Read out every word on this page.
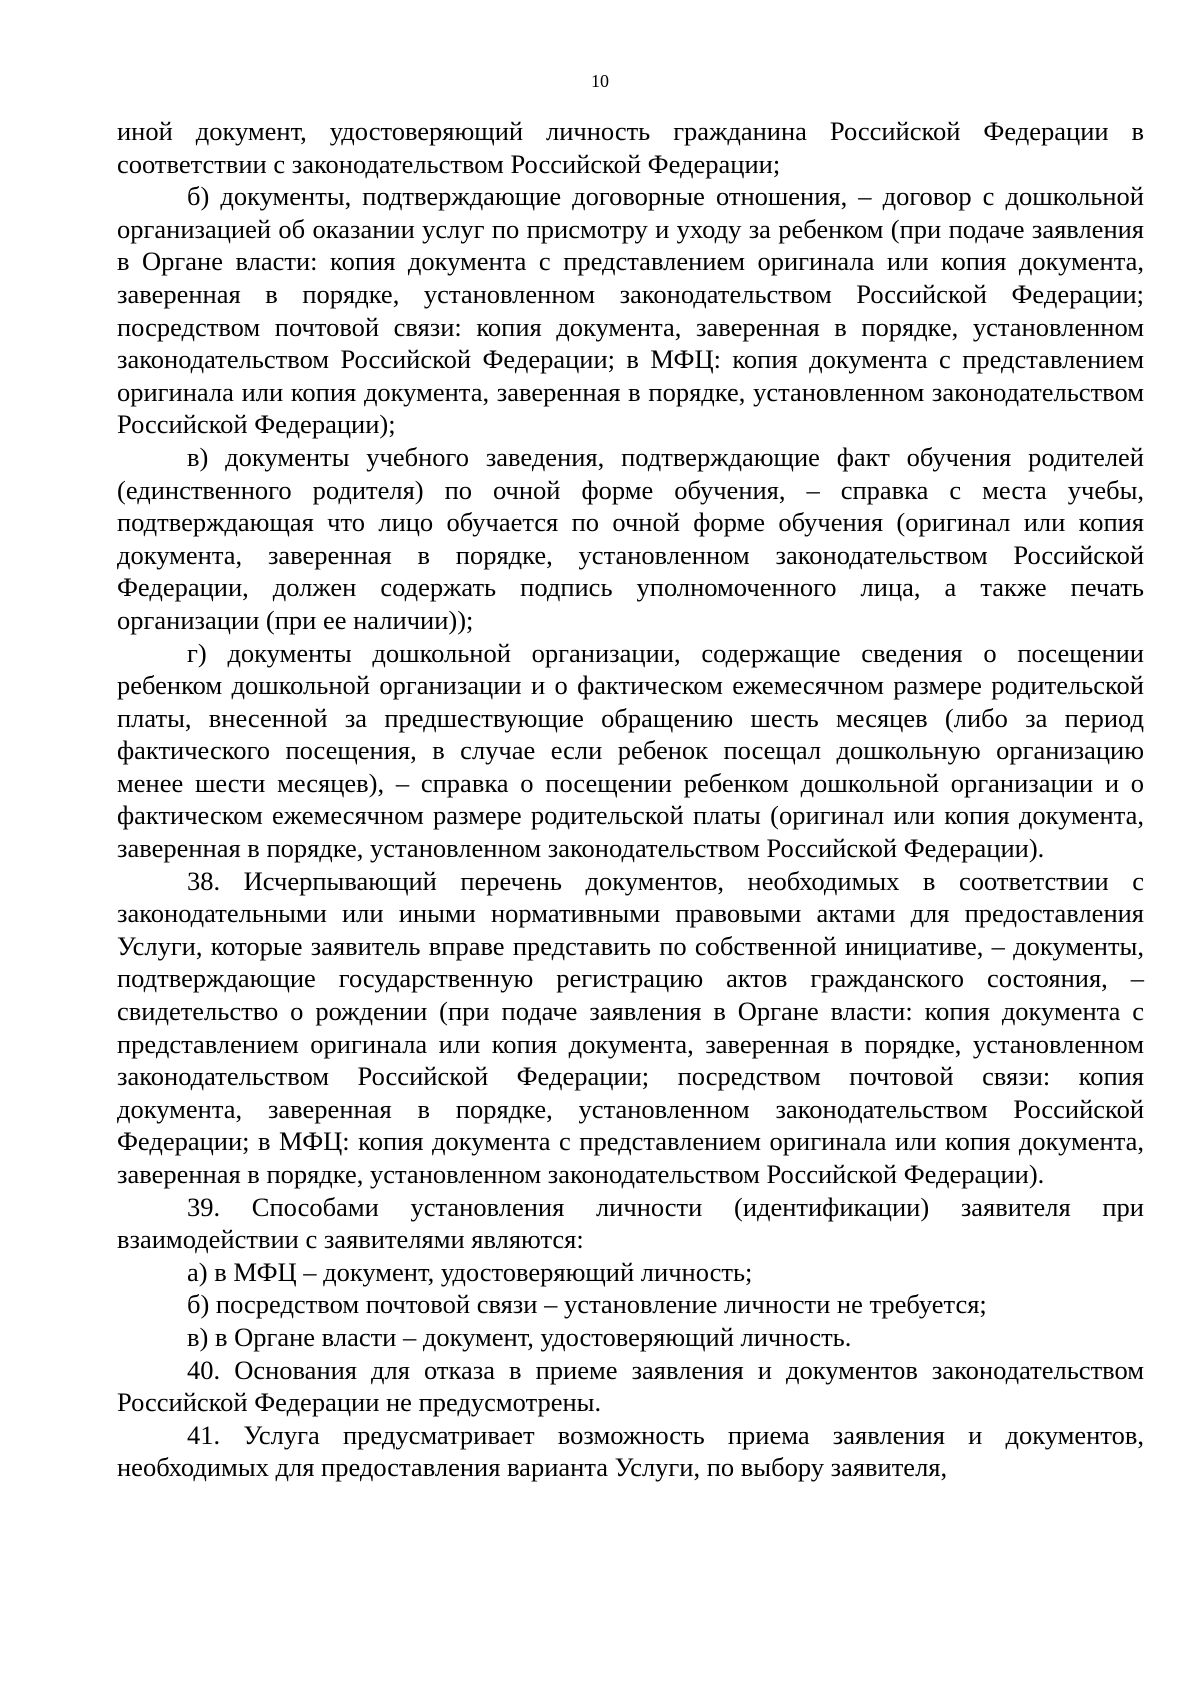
10

иной документ, удостоверяющий личность гражданина Российской Федерации в соответствии с законодательством Российской Федерации;

б) документы, подтверждающие договорные отношения, – договор с дошкольной организацией об оказании услуг по присмотру и уходу за ребенком (при подаче заявления в Органе власти: копия документа с представлением оригинала или копия документа, заверенная в порядке, установленном законодательством Российской Федерации; посредством почтовой связи: копия документа, заверенная в порядке, установленном законодательством Российской Федерации; в МФЦ: копия документа с представлением оригинала или копия документа, заверенная в порядке, установленном законодательством Российской Федерации);

в) документы учебного заведения, подтверждающие факт обучения родителей (единственного родителя) по очной форме обучения, – справка с места учебы, подтверждающая что лицо обучается по очной форме обучения (оригинал или копия документа, заверенная в порядке, установленном законодательством Российской Федерации, должен содержать подпись уполномоченного лица, а также печать организации (при ее наличии));

г) документы дошкольной организации, содержащие сведения о посещении ребенком дошкольной организации и о фактическом ежемесячном размере родительской платы, внесенной за предшествующие обращению шесть месяцев (либо за период фактического посещения, в случае если ребенок посещал дошкольную организацию менее шести месяцев), – справка о посещении ребенком дошкольной организации и о фактическом ежемесячном размере родительской платы (оригинал или копия документа, заверенная в порядке, установленном законодательством Российской Федерации).

38. Исчерпывающий перечень документов, необходимых в соответствии с законодательными или иными нормативными правовыми актами для предоставления Услуги, которые заявитель вправе представить по собственной инициативе, – документы, подтверждающие государственную регистрацию актов гражданского состояния, – свидетельство о рождении (при подаче заявления в Органе власти: копия документа с представлением оригинала или копия документа, заверенная в порядке, установленном законодательством Российской Федерации; посредством почтовой связи: копия документа, заверенная в порядке, установленном законодательством Российской Федерации; в МФЦ: копия документа с представлением оригинала или копия документа, заверенная в порядке, установленном законодательством Российской Федерации).

39. Способами установления личности (идентификации) заявителя при взаимодействии с заявителями являются:

а) в МФЦ – документ, удостоверяющий личность;

б) посредством почтовой связи – установление личности не требуется;

в) в Органе власти – документ, удостоверяющий личность.

40. Основания для отказа в приеме заявления и документов законодательством Российской Федерации не предусмотрены.

41. Услуга предусматривает возможность приема заявления и документов, необходимых для предоставления варианта Услуги, по выбору заявителя,
